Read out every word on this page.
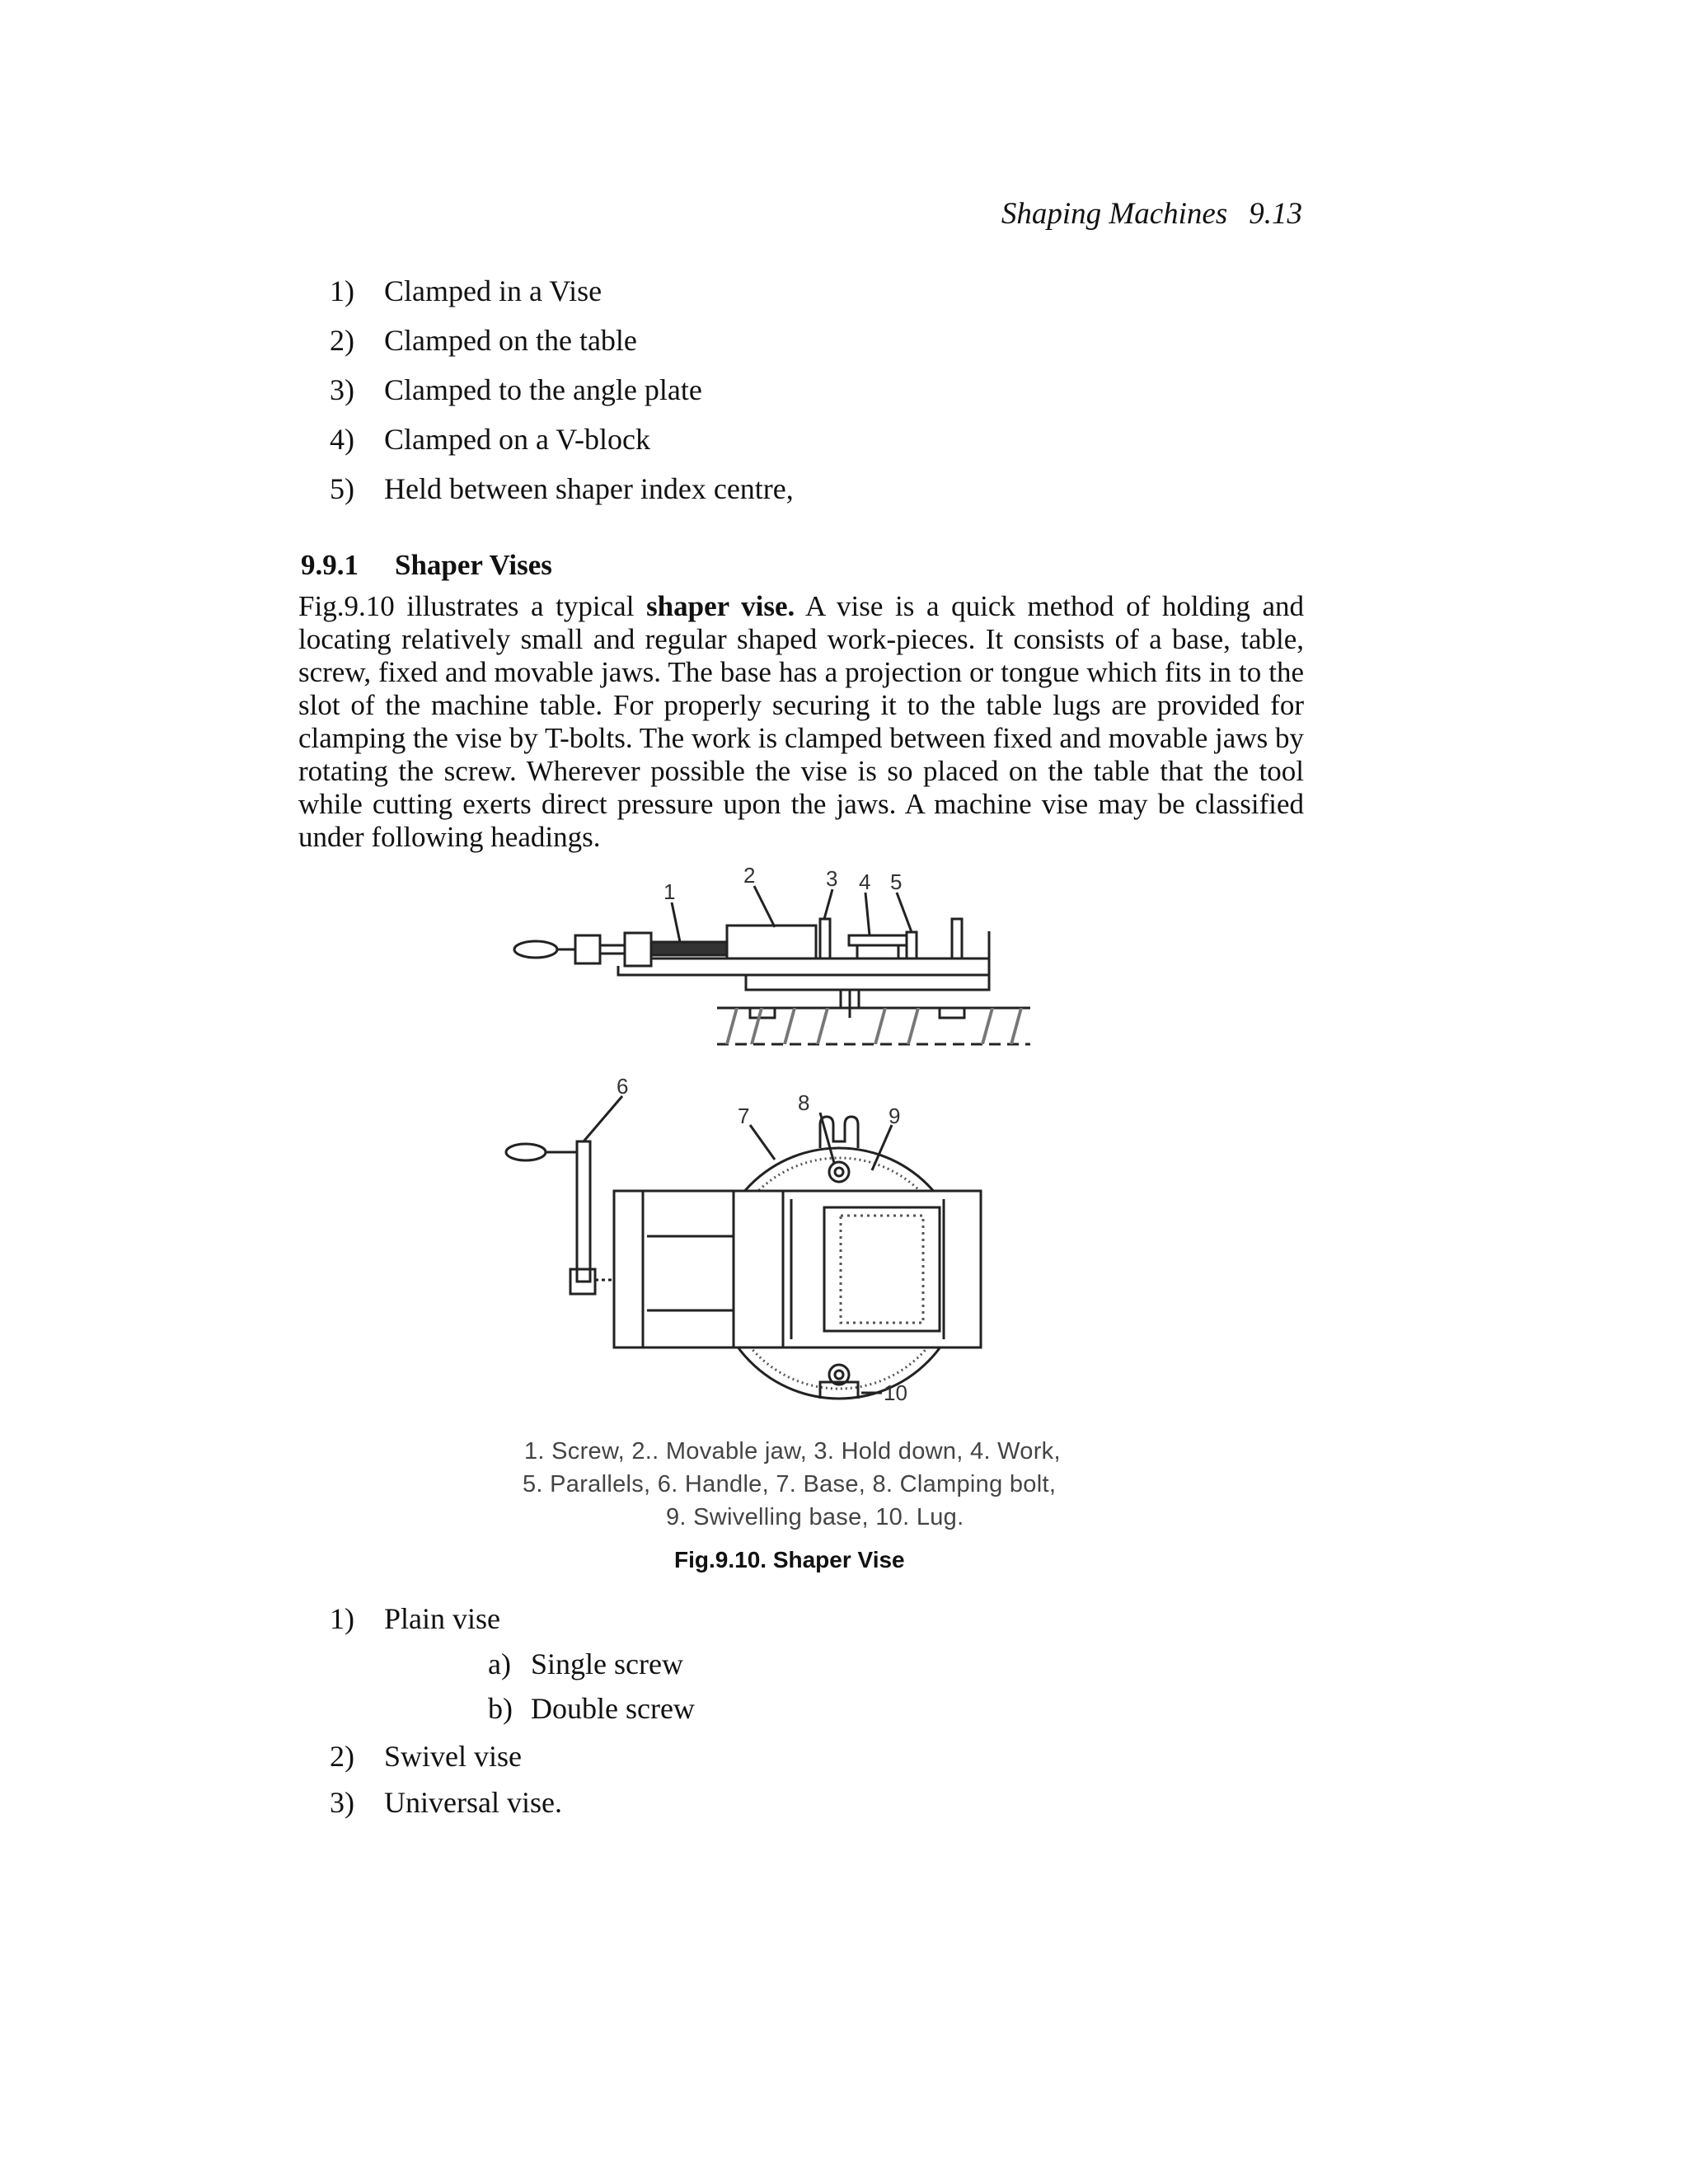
Shaping Machines 9.13
1) Clamped in a Vise
2) Clamped on the table
3) Clamped to the angle plate
4) Clamped on a V-block
5) Held between shaper index centre,
9.9.1 Shaper Vises
Fig.9.10 illustrates a typical shaper vise. A vise is a quick method of holding and locating relatively small and regular shaped work-pieces. It consists of a base, table, screw, fixed and movable jaws. The base has a projection or tongue which fits in to the slot of the machine table. For properly securing it to the table lugs are provided for clamping the vise by T-bolts. The work is clamped between fixed and movable jaws by rotating the screw. Wherever possible the vise is so placed on the table that the tool while cutting exerts direct pressure upon the jaws. A machine vise may be classified under following headings.
1
2	3 4 5
6
7
8
9
10
1. Screw, 2.. Movable jaw, 3. Hold down, 4. Work,
5. Parallels, 6. Handle, 7. Base, 8. Clamping bolt,
9. Swivelling base, 10. Lug.
Fig.9.10. Shaper Vise
1) Plain vise
a) Single screw
b) Double screw
2) Swivel vise
3) Universal vise.
